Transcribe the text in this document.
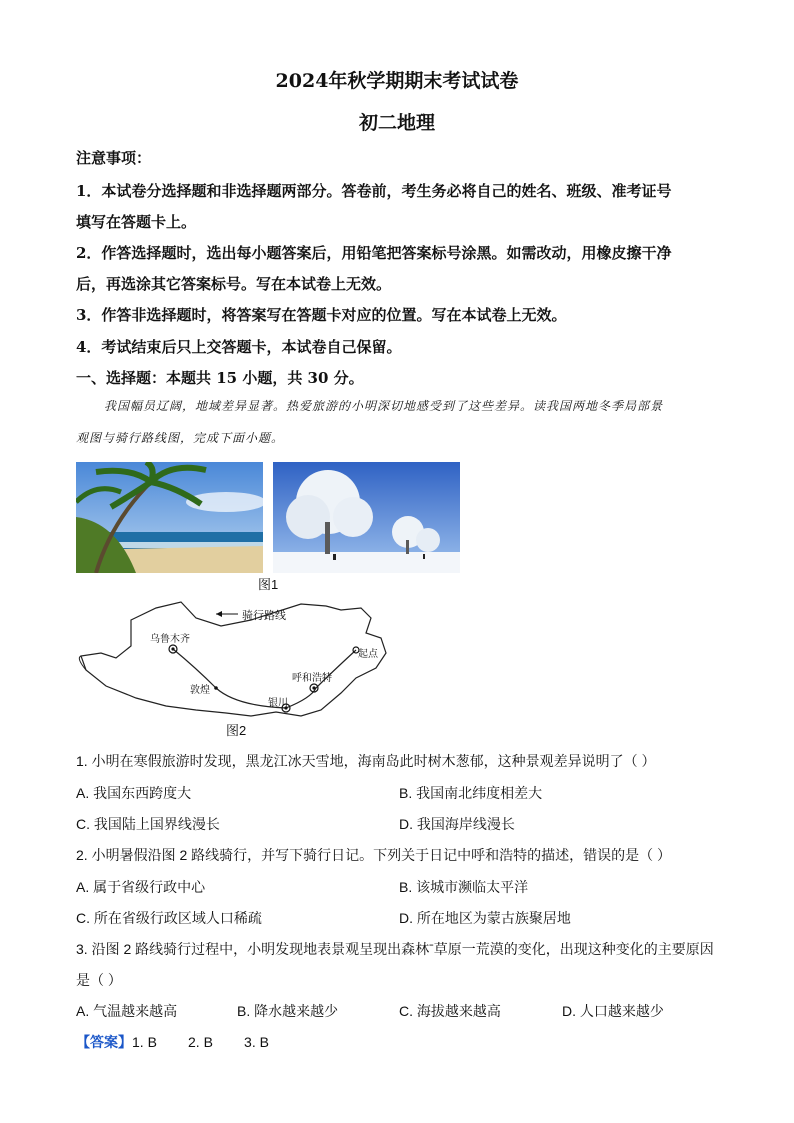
2024年秋学期期末考试试卷
初二地理
注意事项：
1．本试卷分选择题和非选择题两部分。答卷前，考生务必将自己的姓名、班级、准考证号
填写在答题卡上。
2．作答选择题时，选出每小题答案后，用铅笔把答案标号涂黑。如需改动，用橡皮擦干净
后，再选涂其它答案标号。写在本试卷上无效。
3．作答非选择题时，将答案写在答题卡对应的位置。写在本试卷上无效。
4．考试结束后只上交答题卡，本试卷自己保留。
一、选择题：本题共 15 小题，共 30 分。
我国幅员辽阔，地域差异显著。热爱旅游的小明深切地感受到了这些差异。读我国两地冬季局部景
观图与骑行路线图，完成下面小题。
图1
骑行路线
乌鲁木齐
敦煌
银川
呼和浩特
起点
图2
1. 小明在寒假旅游时发现，黑龙江冰天雪地，海南岛此时树木葱郁，这种景观差异说明了（ ）
A. 我国东西跨度大	B. 我国南北纬度相差大
C. 我国陆上国界线漫长	D. 我国海岸线漫长
2. 小明暑假沿图 2 路线骑行，并写下骑行日记。下列关于日记中呼和浩特的描述，错误的是（ ）
A. 属于省级行政中心	B. 该城市濒临太平洋
C. 所在省级行政区域人口稀疏	D. 所在地区为蒙古族聚居地
3. 沿图 2 路线骑行过程中，小明发现地表景观呈现出森林ˉ草原一荒漠的变化，出现这种变化的主要原因
是（ ）
A. 气温越来越高	B. 降水越来越少	C. 海拔越来越高	D. 人口越来越少
【答案】1. B        2. B        3. B
